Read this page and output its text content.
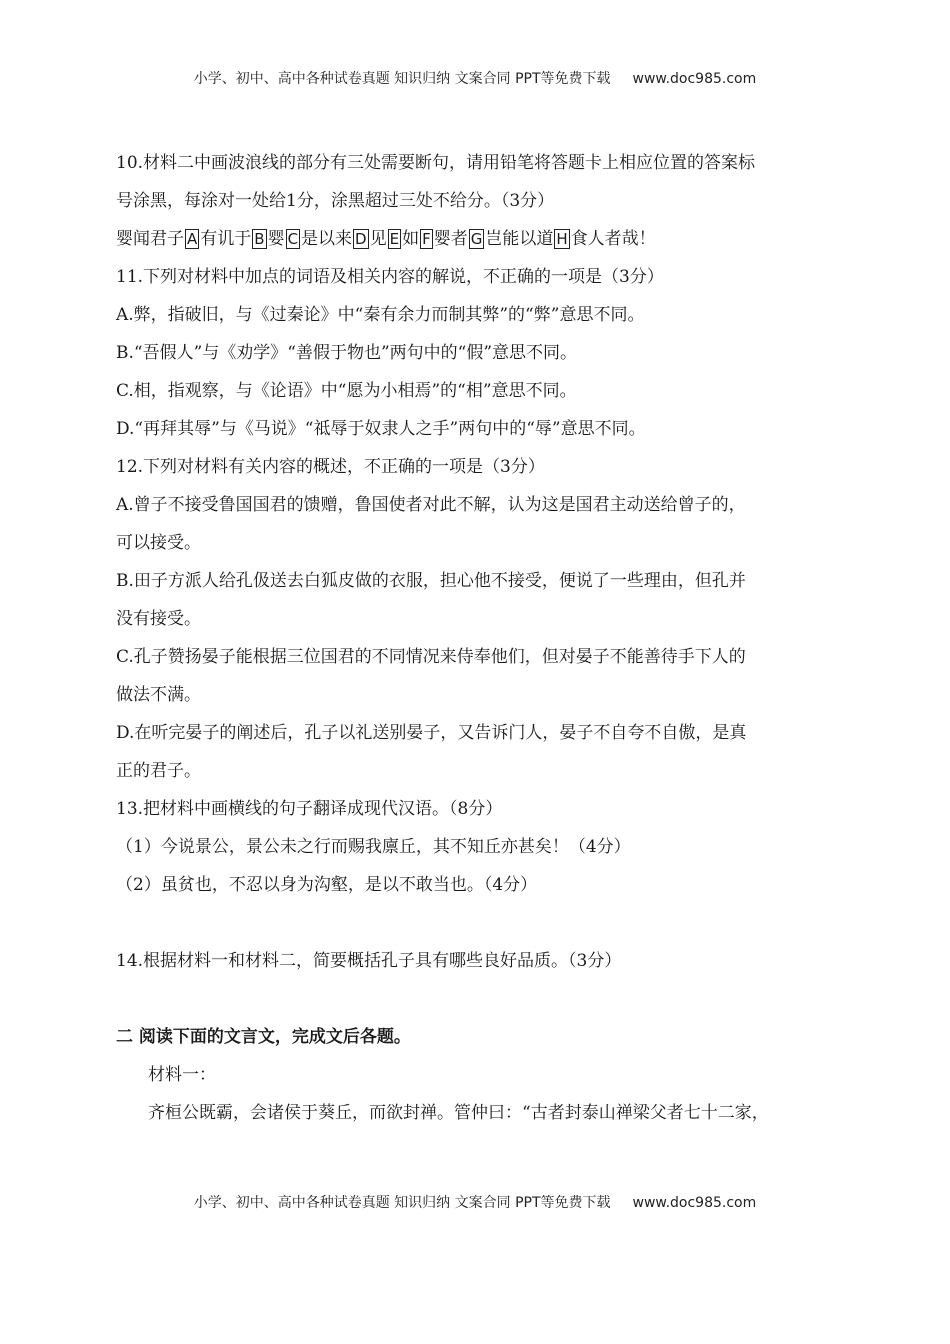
小学、初中、高中各种试卷真题 知识归纳 文案合同 PPT等免费下载 www.doc985.com
10.材料二中画波浪线的部分有三处需要断句，请用铅笔将答题卡上相应位置的答案标
号涂黑，每涂对一处给1分，涂黑超过三处不给分。（3分）
婴闻君子 A 有讥于 B 婴 C 是以来 D 见 E 如 F 婴者 G 岂能以道 H 食人者哉！
11.下列对材料中加点的词语及相关内容的解说，不正确的一项是（3分）
A.弊，指破旧，与《过秦论》中“秦有余力而制其弊”的“弊”意思不同。
B.“吾假人”与《劝学》“善假于物也”两句中的“假”意思不同。
C.相，指观察，与《论语》中“愿为小相焉”的“相”意思不同。
D.“再拜其辱”与《马说》“祗辱于奴隶人之手”两句中的“辱”意思不同。
12.下列对材料有关内容的概述，不正确的一项是（3分）
A.曾子不接受鲁国国君的馈赠，鲁国使者对此不解，认为这是国君主动送给曾子的，
可以接受。
B.田子方派人给孔伋送去白狐皮做的衣服，担心他不接受，便说了一些理由，但孔并
没有接受。
C.孔子赞扬晏子能根据三位国君的不同情况来侍奉他们，但对晏子不能善待手下人的
做法不满。
D.在听完晏子的阐述后，孔子以礼送别晏子，又告诉门人，晏子不自夸不自傲，是真
正的君子。
13.把材料中画横线的句子翻译成现代汉语。（8分）
（1）今说景公，景公未之行而赐我廪丘，其不知丘亦甚矣！（4分）
（2）虽贫也，不忍以身为沟壑，是以不敢当也。（4分）
14.根据材料一和材料二，简要概括孔子具有哪些良好品质。（3分）
二 阅读下面的文言文，完成文后各题。
材料一：
齐桓公既霸，会诸侯于葵丘，而欲封禅。管仲曰：“古者封泰山禅梁父者七十二家，
小学、初中、高中各种试卷真题 知识归纳 文案合同 PPT等免费下载 www.doc985.com
